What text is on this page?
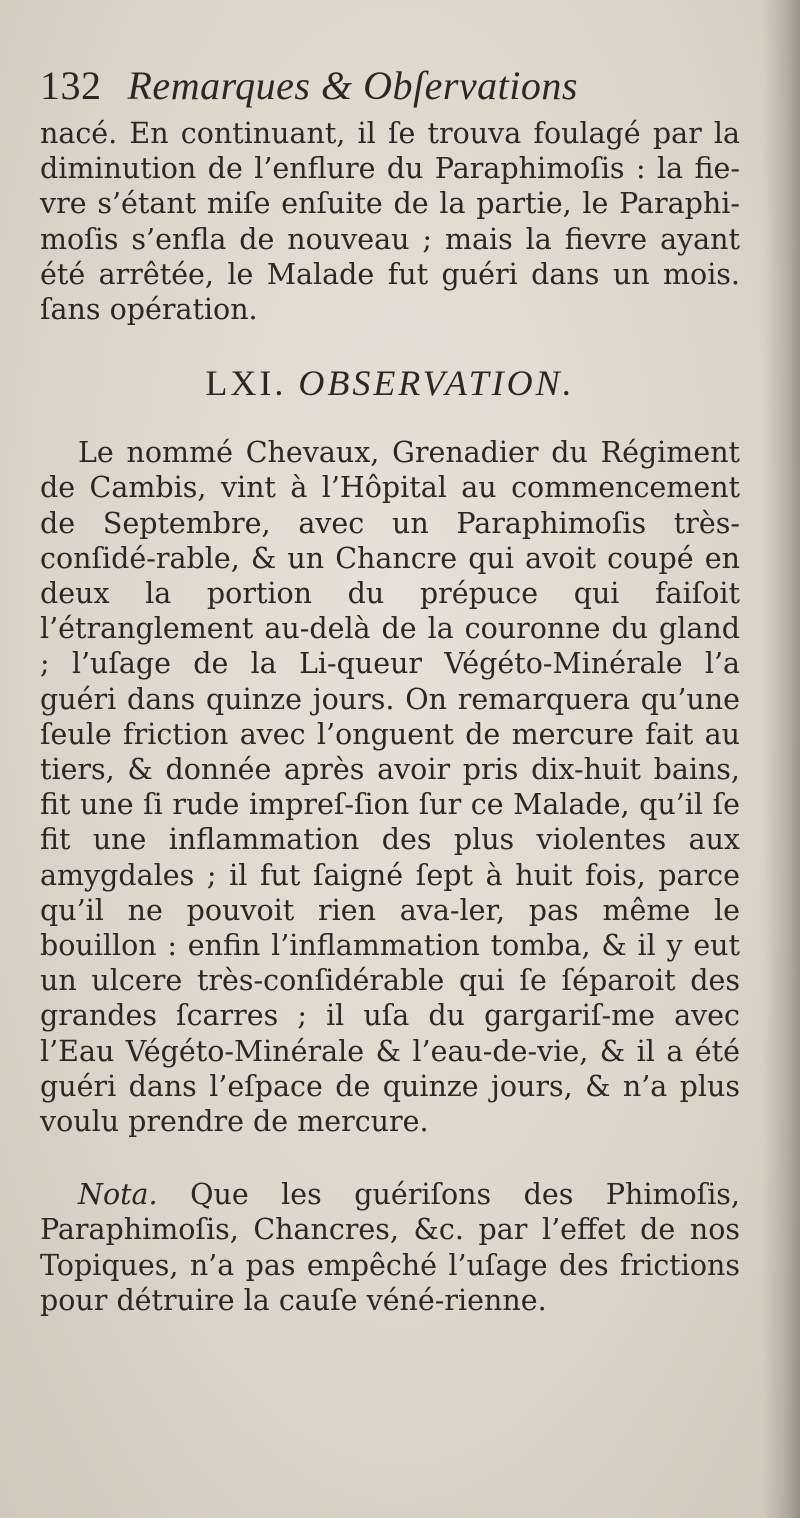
132 Remarques & Obſervations

nacé. En continuant, il ſe trouva foulagé par la diminution de l’enflure du Paraphimoſis : la fie-vre s’étant miſe enſuite de la partie, le Paraphi-moſis s’enfla de nouveau ; mais la fievre ayant été arrêtée, le Malade fut guéri dans un mois. ſans opération.

LXI. OBSERVATION.

Le nommé Chevaux, Grenadier du Régiment de Cambis, vint à l’Hôpital au commencement de Septembre, avec un Paraphimoſis très-conſidé-rable, & un Chancre qui avoit coupé en deux la portion du prépuce qui faiſoit l’étranglement au-delà de la couronne du gland ; l’uſage de la Li-queur Végéto-Minérale l’a guéri dans quinze jours. On remarquera qu’une ſeule friction avec l’onguent de mercure fait au tiers, & donnée après avoir pris dix-huit bains, fit une ſi rude impreſ-ſion ſur ce Malade, qu’il ſe fit une inflammation des plus violentes aux amygdales ; il fut ſaigné ſept à huit fois, parce qu’il ne pouvoit rien ava-ler, pas même le bouillon : enfin l’inflammation tomba, & il y eut un ulcere très-conſidérable qui ſe ſéparoit des grandes ſcarres ; il uſa du gargariſ-me avec l’Eau Végéto-Minérale & l’eau-de-vie, & il a été guéri dans l’eſpace de quinze jours, & n’a plus voulu prendre de mercure.

Nota. Que les guériſons des Phimoſis, Paraphimoſis, Chancres, &c. par l’effet de nos Topiques, n’a pas empêché l’uſage des frictions pour détruire la cauſe véné-rienne.
